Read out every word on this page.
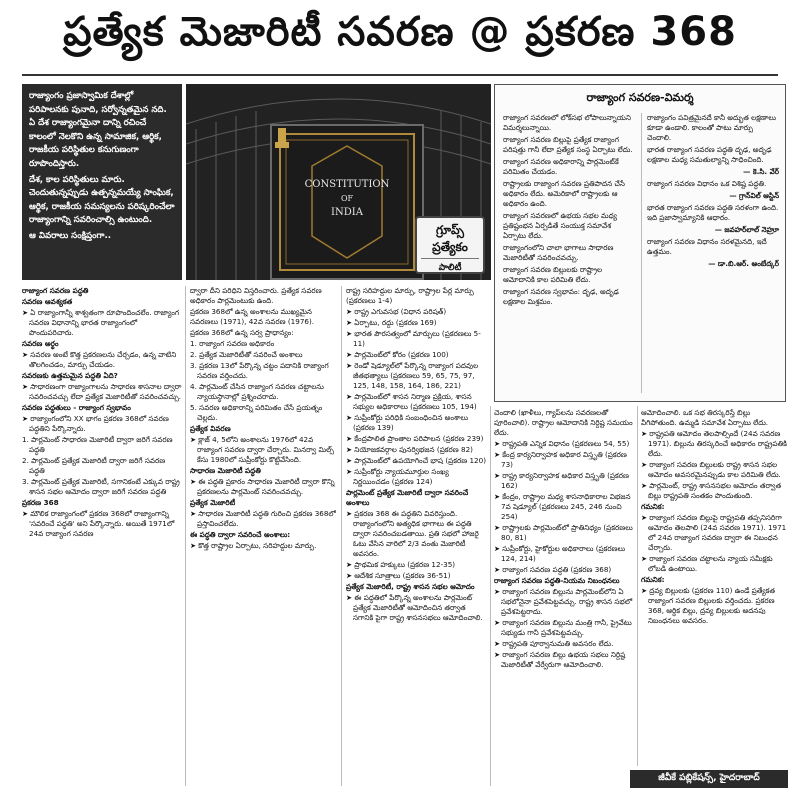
ప్రత్యేక మెజారిటీ సవరణ @ ప్రకరణ 368

రాజ్యాంగం ప్రజాస్వామిక దేశాల్లో పరిపాలనకు పునాది, సర్వోన్నతమైన నది. ఏ దేశ రాజ్యాంగమైనా దాన్ని రచించే కాలంలో నెలకొని ఉన్న సామాజిక, ఆర్థిక, రాజకీయ పరిస్థితుల కనుగుణంగా రూపొందిస్తారు.

దేశ, కాల పరిస్థితులు మారు. చెందుతున్నప్పుడు ఉత్పన్నమయ్యే సాంఘిక, ఆర్థిక, రాజకీయ సమస్యలను పరిష్కరించేలా రాజ్యాంగాన్ని సవరించాల్సి ఉంటుంది.

ఆ వివరాలు సంక్షిప్తంగా..

CONSTITUTION
OF
INDIA
గ్రూప్స్ ప్రత్యేకం
పాలిటీ
రాజ్యాంగ సవరణ-విమర్శ

రాజ్యాంగ సవరణలో లోక్‌సభ లోపాలున్నాయని విమర్శలున్నాయి.

రాజ్యాంగ సవరణ బిల్లుపై ప్రత్యేక రాజ్యాంగ పరిషత్తు గానీ లేదా ప్రత్యేక సంస్థ ఏర్పాటు లేదు.

రాజ్యాంగ సవరణ అధికారాన్ని పార్లమెంట్‌కే పరిమితం చేయడం.

రాష్ట్రాలకు రాజ్యాంగ సవరణ ప్రతిపాదన చేసే అధికారం లేదు. అమెరికాలో రాష్ట్రాలకు ఆ అధికారం ఉంది.

రాజ్యాంగ సవరణలో ఉభయ సభల మధ్య ప్రతిష్టంభన ఏర్పడితే సంయుక్త సమావేశ ఏర్పాటు లేదు.

రాజ్యాంగంలోని చాలా భాగాలు సాధారణ మెజారిటీతో సవరించవచ్చు.

రాజ్యాంగ సవరణ బిల్లులకు రాష్ట్రాల ఆమోదానికి కాల పరిమితి లేదు.

రాజ్యాంగ సవరణ స్వభావం: దృఢ, అదృఢ లక్షణాల మిశ్రమం.

రాజ్యాంగం పవిత్రమైనదే కానీ అద్భుత లక్షణాలు కూడా ఉండాలి. కాలంతో పాటు మార్పు చెందాలి.

భారత రాజ్యాంగ సవరణ పద్ధతి దృఢ, అదృఢ లక్షణాల మధ్య సమతుల్యాన్ని సాధించింది.

— కె.సి. వేర్

రాజ్యాంగ సవరణ విధానం ఒక విశిష్ట పద్ధతి.

— గ్రాన్‌విల్ ఆస్టిన్

భారత రాజ్యాంగ సవరణ పద్ధతి సరళంగా ఉంది. ఇది ప్రజాస్వామ్యానికి ఆధారం.

— జవహర్‌లాల్ నెహ్రూ

రాజ్యాంగ సవరణ విధానం సరళమైనది, ఇదే ఉత్తమం.

— డా.బి.ఆర్. అంబేద్కర్

రాజ్యాంగ సవరణ పద్ధతి

సవరణ ఆవశ్యకత

➤ ఏ రాజ్యాంగాన్నీ శాశ్వతంగా రూపొందించలేం. రాజ్యాంగ సవరణ విధానాన్ని భారత రాజ్యాంగంలో పొందుపరిచారు.

సవరణ అర్థం

➤ సవరణ అంటే కొత్త ప్రకరణలను చేర్చడం, ఉన్న వాటిని తొలగించడం, మార్పు చేయడం.

సవరణకు ఉత్తమమైన పద్ధతి ఏది?

➤ సాధారణంగా రాజ్యాంగాలను సాధారణ శాసనాల ద్వారా సవరించవచ్చు లేదా ప్రత్యేక మెజారిటీతో సవరించవచ్చు.

సవరణ పద్ధతులు - రాజ్యాంగ స్వభావం

➤ రాజ్యాంగంలోని XX భాగం ప్రకరణ 368లో సవరణ పద్ధతిని పేర్కొన్నారు.

1. పార్లమెంట్ సాధారణ మెజారిటీ ద్వారా జరిగే సవరణ పద్ధతి

2. పార్లమెంట్ ప్రత్యేక మెజారిటీ ద్వారా జరిగే సవరణ పద్ధతి

3. పార్లమెంట్ ప్రత్యేక మెజారిటీ, సగానికంటే ఎక్కువ రాష్ట్ర శాసన సభల ఆమోదం ద్వారా జరిగే సవరణ పద్ధతి

ప్రకరణ 368

➤ మౌలిక రాజ్యాంగంలో ప్రకరణ 368లో రాజ్యాంగాన్ని 'సవరించే పద్ధతి' అని పేర్కొన్నారు. అయితే 1971లో 24వ రాజ్యాంగ సవరణ

ద్వారా దీని పరిధిని విస్తరించారు. ప్రత్యేక సవరణ అధికారం పార్లమెంటుకు ఉంది.

ప్రకరణ 368లో ఉన్న అంశాలను ముఖ్యమైన సవరణలు (1971), 42వ సవరణ (1976).

ప్రకరణ 368లో ఉన్న సర్వ ప్రాధాన్యం:

1. రాజ్యాంగ సవరణ అధికారం

2. ప్రత్యేక మెజారిటీతో సవరించే అంశాలు

3. ప్రకరణ 13లో పేర్కొన్న చట్టం పదానికి రాజ్యాంగ సవరణ వర్తించదు.

4. పార్లమెంట్ చేసిన రాజ్యాంగ సవరణ చట్టాలను న్యాయస్థానాల్లో ప్రశ్నించరాదు.

5. సవరణ అధికారాన్ని పరిమితం చేసే ప్రయత్నం చెల్లదు.

ప్రత్యేక వివరణ

➤ క్లాజ్ 4, 5లోని అంశాలను 1976లో 42వ రాజ్యాంగ సవరణ ద్వారా చేర్చారు. మినర్వా మిల్స్ కేసు 1980లో సుప్రీంకోర్టు కొట్టివేసింది.

సాధారణ మెజారిటీ పద్ధతి

➤ ఈ పద్ధతి ప్రకారం సాధారణ మెజారిటీ ద్వారా కొన్ని ప్రకరణలను పార్లమెంట్ సవరించవచ్చు.

ప్రత్యేక మెజారిటీ

➤ సాధారణ మెజారిటీ పద్ధతి గురించి ప్రకరణ 368లో ప్రస్తావించలేదు.

ఈ పద్ధతి ద్వారా సవరించే అంశాలు:

➤ కొత్త రాష్ట్రాల ఏర్పాటు, సరిహద్దుల మార్పు.

రాష్ట్ర సరిహద్దుల మార్పు, రాష్ట్రాల పేర్ల మార్పు (ప్రకరణలు 1-4)

➤ రాష్ట్ర ఎగువసభ (విధాన పరిషత్)

➤ ఏర్పాటు, రద్దు (ప్రకరణ 169)

➤ భారత పౌరసత్వంలో మార్పులు (ప్రకరణలు 5-11)

➤ పార్లమెంట్‌లో కోరం (ప్రకరణ 100)

➤ రెండో షెడ్యూల్‌లో పేర్కొన్న రాజ్యాంగ పదవుల జీతభత్యాలు (ప్రకరణలు 59, 65, 75, 97, 125, 148, 158, 164, 186, 221)

➤ పార్లమెంట్‌లో శాసన నిర్మాణ ప్రక్రియ, శాసన సభ్యుల అధికారాలు (ప్రకరణలు 105, 194)

➤ సుప్రీంకోర్టు పరిధికి సంబంధించిన అంశాలు (ప్రకరణ 139)

➤ కేంద్రపాలిత ప్రాంతాల పరిపాలన (ప్రకరణ 239)

➤ నియోజకవర్గాల పునర్విభజన (ప్రకరణ 82)

➤ పార్లమెంట్‌లో ఉపయోగించే భాష (ప్రకరణ 120)

➤ సుప్రీంకోర్టు న్యాయమూర్తుల సంఖ్య నిర్ణయించడం (ప్రకరణ 124)

పార్లమెంట్ ప్రత్యేక మెజారిటీ ద్వారా సవరించే అంశాలు

➤ ప్రకరణ 368 ఈ పద్ధతిని వివరిస్తుంది. రాజ్యాంగంలోని అత్యధిక భాగాలు ఈ పద్ధతి ద్వారా సవరించబడతాయి. ప్రతి సభలో హాజరై ఓటు వేసిన వారిలో 2/3 వంతు మెజారిటీ అవసరం.

➤ ప్రాథమిక హక్కులు (ప్రకరణ 12-35)

➤ ఆదేశిక సూత్రాలు (ప్రకరణ 36-51)

ప్రత్యేక మెజారిటీ, రాష్ట్ర శాసన సభల ఆమోదం

➤ ఈ పద్ధతిలో పేర్కొన్న అంశాలను పార్లమెంట్ ప్రత్యేక మెజారిటీతో ఆమోదించిన తర్వాత సగానికి పైగా రాష్ట్ర శాసనసభలు ఆమోదించాలి.

చెందాలి (ఖాళీలు, గ్యాప్‌లను సవరణలతో పూరించాలి). రాష్ట్రాల ఆమోదానికి నిర్దిష్ట సమయం లేదు.

➤ రాష్ట్రపతి ఎన్నిక విధానం (ప్రకరణలు 54, 55)

➤ కేంద్ర కార్యనిర్వాహక అధికార విస్తృతి (ప్రకరణ 73)

➤ రాష్ట్ర కార్యనిర్వాహక అధికార విస్తృతి (ప్రకరణ 162)

➤ కేంద్రం, రాష్ట్రాల మధ్య శాసనాధికారాల విభజన 7వ షెడ్యూల్ (ప్రకరణలు 245, 246 నుంచి 254)

➤ రాష్ట్రాలకు పార్లమెంట్‌లో ప్రాతినిధ్యం (ప్రకరణలు 80, 81)

➤ సుప్రీంకోర్టు, హైకోర్టుల అధికారాలు (ప్రకరణలు 124, 214)

➤ రాజ్యాంగ సవరణ పద్ధతి (ప్రకరణ 368)

రాజ్యాంగ సవరణ పద్ధతి-నియమ నిబంధనలు

➤ రాజ్యాంగ సవరణ బిల్లును పార్లమెంట్‌లోని ఏ సభలోనైనా ప్రవేశపెట్టవచ్చు. రాష్ట్ర శాసన సభలో ప్రవేశపెట్టరాదు.

➤ రాజ్యాంగ సవరణ బిల్లును మంత్రి గానీ, ప్రైవేటు సభ్యుడు గానీ ప్రవేశపెట్టవచ్చు.

➤ రాష్ట్రపతి పూర్వానుమతి అవసరం లేదు.

➤ రాజ్యాంగ సవరణ బిల్లు ఉభయ సభలు నిర్దిష్ట మెజారిటీతో వేర్వేరుగా ఆమోదించాలి.

ఆమోదించాలి. ఒక సభ తిరస్కరిస్తే బిల్లు వీగిపోతుంది. ఉమ్మడి సమావేశ ఏర్పాటు లేదు.

➤ రాష్ట్రపతి ఆమోదం తెలపాల్సిందే (24వ సవరణ 1971). బిల్లును తిరస్కరించే అధికారం రాష్ట్రపతికి లేదు.

➤ రాజ్యాంగ సవరణ బిల్లులకు రాష్ట్ర శాసన సభల ఆమోదం అవసరమైనప్పుడు కాల పరిమితి లేదు.

➤ పార్లమెంట్, రాష్ట్ర శాసనసభల ఆమోదం తర్వాత బిల్లు రాష్ట్రపతి సంతకం పొందుతుంది.

గమనిక:

➤ రాజ్యాంగ సవరణ బిల్లుపై రాష్ట్రపతి తప్పనిసరిగా ఆమోదం తెలపాలి (24వ సవరణ 1971). 1971 లో 24వ రాజ్యాంగ సవరణ ద్వారా ఈ నిబంధన చేర్చారు.

➤ రాజ్యాంగ సవరణ చట్టాలను న్యాయ సమీక్షకు లోబడి ఉంటాయి.

గమనిక:

➤ ద్రవ్య బిల్లులకు (ప్రకరణ 110) ఉండే ప్రత్యేకత రాజ్యాంగ సవరణ బిల్లులకు వర్తించదు. ప్రకరణ 368, ఆర్థిక బిల్లు, ద్రవ్య బిల్లులకు అదనపు నిబంధనలు అవసరం.

జీవీకే పబ్లికేషన్స్, హైదరాబాద్
